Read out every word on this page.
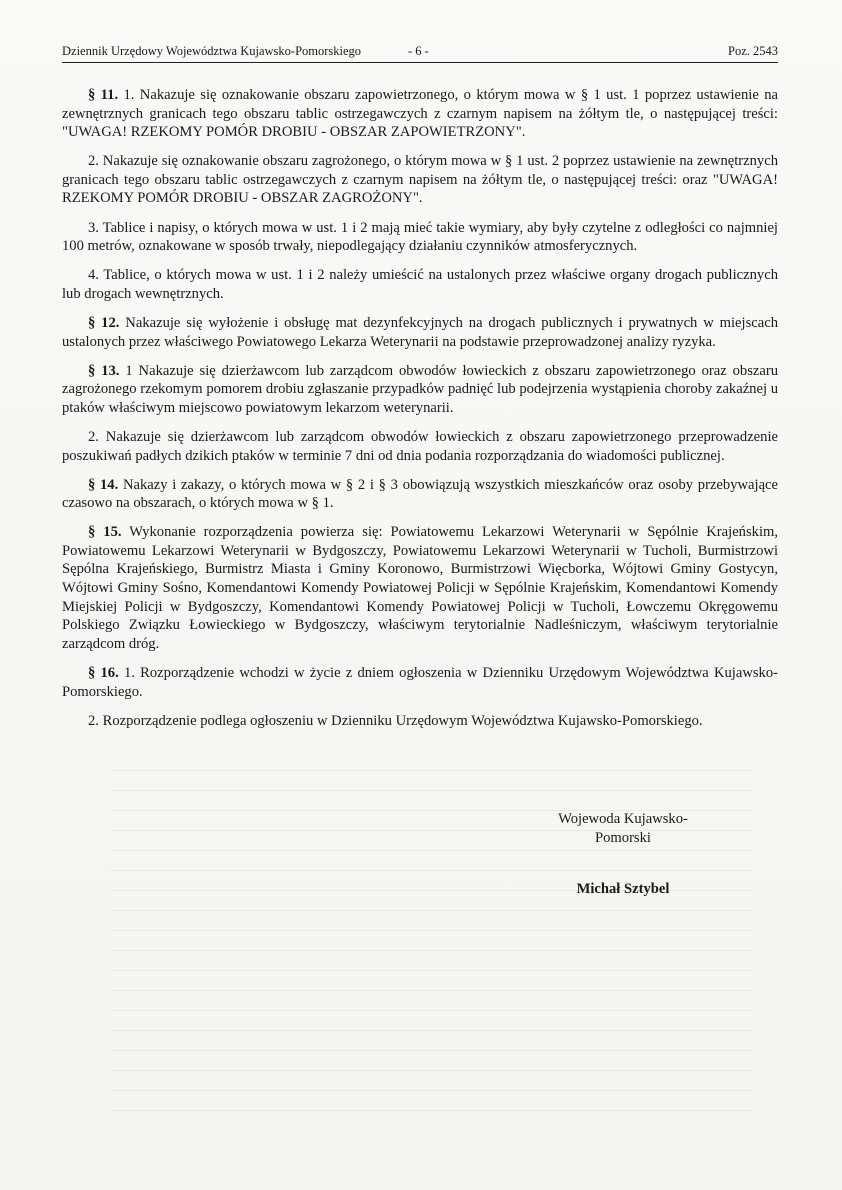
Dziennik Urzędowy Województwa Kujawsko-Pomorskiego	- 6 -	Poz. 2543

§ 11. 1. Nakazuje się oznakowanie obszaru zapowietrzonego, o którym mowa w § 1 ust. 1 poprzez ustawienie na zewnętrznych granicach tego obszaru tablic ostrzegawczych z czarnym napisem na żółtym tle, o następującej treści: "UWAGA! RZEKOMY POMÓR DROBIU - OBSZAR ZAPOWIETRZONY".

2. Nakazuje się oznakowanie obszaru zagrożonego, o którym mowa w § 1 ust. 2 poprzez ustawienie na zewnętrznych granicach tego obszaru tablic ostrzegawczych z czarnym napisem na żółtym tle, o następującej treści: oraz "UWAGA! RZEKOMY POMÓR DROBIU - OBSZAR ZAGROŻONY".

3. Tablice i napisy, o których mowa w ust. 1 i 2 mają mieć takie wymiary, aby były czytelne z odległości co najmniej 100 metrów, oznakowane w sposób trwały, niepodlegający działaniu czynników atmosferycznych.

4. Tablice, o których mowa w ust. 1 i 2 należy umieścić na ustalonych przez właściwe organy drogach publicznych lub drogach wewnętrznych.

§ 12. Nakazuje się wyłożenie i obsługę mat dezynfekcyjnych na drogach publicznych i prywatnych w miejscach ustalonych przez właściwego Powiatowego Lekarza Weterynarii na podstawie przeprowadzonej analizy ryzyka.

§ 13. 1 Nakazuje się dzierżawcom lub zarządcom obwodów łowieckich z obszaru zapowietrzonego oraz obszaru zagrożonego rzekomym pomorem drobiu zgłaszanie przypadków padnięć lub podejrzenia wystąpienia choroby zakaźnej u ptaków właściwym miejscowo powiatowym lekarzom weterynarii.

2. Nakazuje się dzierżawcom lub zarządcom obwodów łowieckich z obszaru zapowietrzonego przeprowadzenie poszukiwań padłych dzikich ptaków w terminie 7 dni od dnia podania rozporządzania do wiadomości publicznej.

§ 14. Nakazy i zakazy, o których mowa w § 2 i § 3 obowiązują wszystkich mieszkańców oraz osoby przebywające czasowo na obszarach, o których mowa w § 1.

§ 15. Wykonanie rozporządzenia powierza się: Powiatowemu Lekarzowi Weterynarii w Sępólnie Krajeńskim, Powiatowemu Lekarzowi Weterynarii w Bydgoszczy, Powiatowemu Lekarzowi Weterynarii w Tucholi, Burmistrzowi Sępólna Krajeńskiego, Burmistrz Miasta i Gminy Koronowo, Burmistrzowi Więcborka, Wójtowi Gminy Gostycyn, Wójtowi Gminy Sośno, Komendantowi Komendy Powiatowej Policji w Sępólnie Krajeńskim, Komendantowi Komendy Miejskiej Policji w Bydgoszczy, Komendantowi Komendy Powiatowej Policji w Tucholi, Łowczemu Okręgowemu Polskiego Związku Łowieckiego w Bydgoszczy, właściwym terytorialnie Nadleśniczym, właściwym terytorialnie zarządcom dróg.

§ 16. 1. Rozporządzenie wchodzi w życie z dniem ogłoszenia w Dzienniku Urzędowym Województwa Kujawsko-Pomorskiego.

2. Rozporządzenie podlega ogłoszeniu w Dzienniku Urzędowym Województwa Kujawsko-Pomorskiego.

Wojewoda Kujawsko-
Pomorski
Michał Sztybel
